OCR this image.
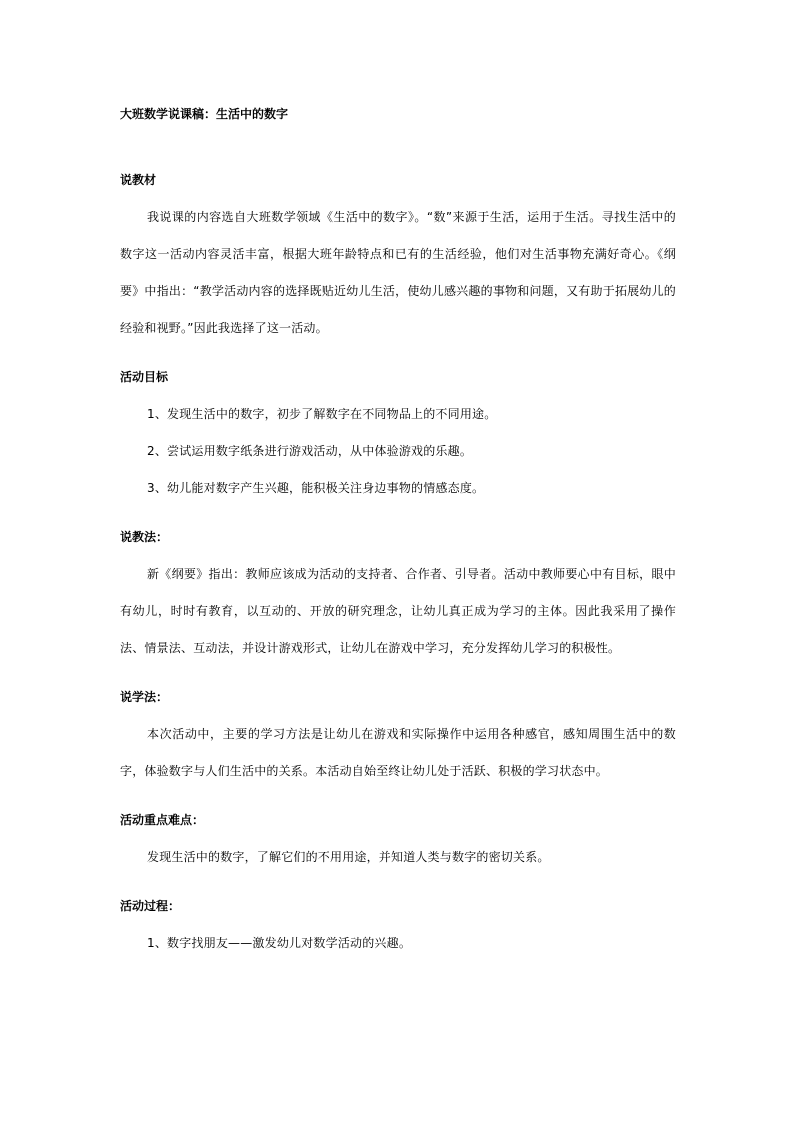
大班数学说课稿：生活中的数字

说教材

我说课的内容选自大班数学领域《生活中的数字》。“数”来源于生活，运用于生活。寻找生活中的数字这一活动内容灵活丰富，根据大班年龄特点和已有的生活经验，他们对生活事物充满好奇心。《纲要》中指出：“教学活动内容的选择既贴近幼儿生活，使幼儿感兴趣的事物和问题，又有助于拓展幼儿的经验和视野。”因此我选择了这一活动。

活动目标

1、发现生活中的数字，初步了解数字在不同物品上的不同用途。

2、尝试运用数字纸条进行游戏活动，从中体验游戏的乐趣。

3、幼儿能对数字产生兴趣，能积极关注身边事物的情感态度。

说教法：

新《纲要》指出：教师应该成为活动的支持者、合作者、引导者。活动中教师要心中有目标，眼中有幼儿，时时有教育，以互动的、开放的研究理念，让幼儿真正成为学习的主体。因此我采用了操作法、情景法、互动法，并设计游戏形式，让幼儿在游戏中学习，充分发挥幼儿学习的积极性。

说学法：

本次活动中，主要的学习方法是让幼儿在游戏和实际操作中运用各种感官，感知周围生活中的数字，体验数字与人们生活中的关系。本活动自始至终让幼儿处于活跃、积极的学习状态中。

活动重点难点：

发现生活中的数字，了解它们的不用用途，并知道人类与数字的密切关系。

活动过程：

1、数字找朋友——激发幼儿对数学活动的兴趣。
